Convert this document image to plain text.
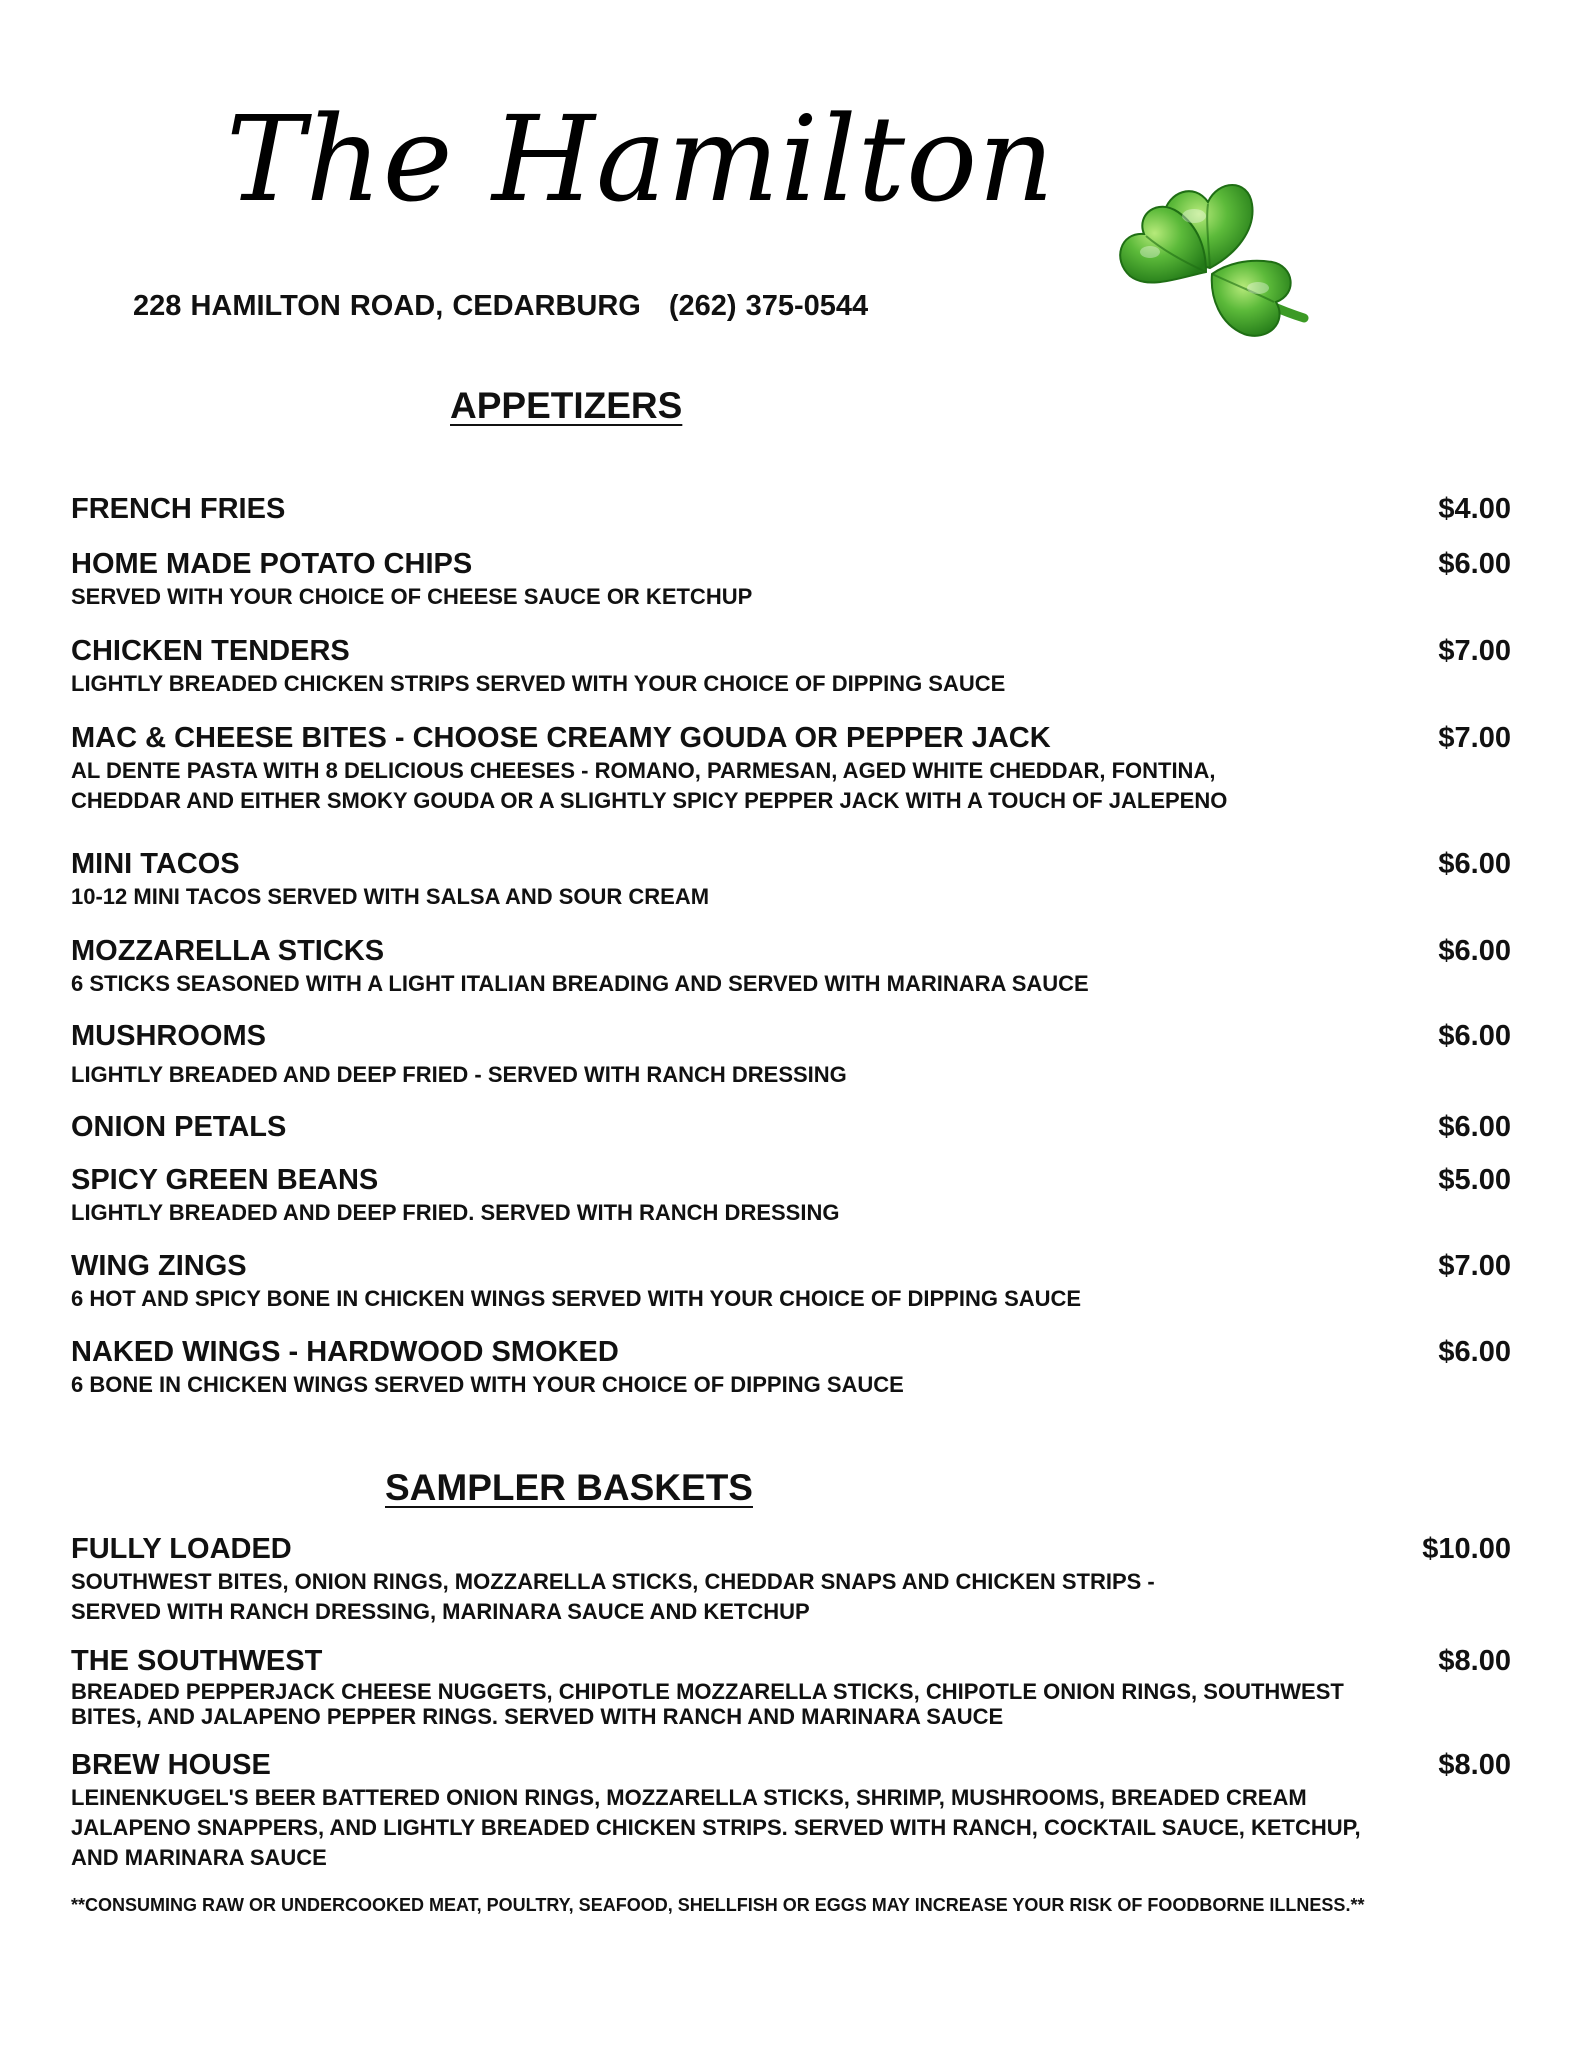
The Hamilton
228 HAMILTON ROAD, CEDARBURG (262) 375-0544
APPETIZERS
FRENCH FRIES	$4.00
HOME MADE POTATO CHIPS
SERVED WITH YOUR CHOICE OF CHEESE SAUCE OR KETCHUP
$6.00
CHICKEN TENDERS
LIGHTLY BREADED CHICKEN STRIPS SERVED WITH YOUR CHOICE OF DIPPING SAUCE
$7.00
MAC & CHEESE BITES - CHOOSE CREAMY GOUDA OR PEPPER JACK
AL DENTE PASTA WITH 8 DELICIOUS CHEESES - ROMANO, PARMESAN, AGED WHITE CHEDDAR, FONTINA,
CHEDDAR AND EITHER SMOKY GOUDA OR A SLIGHTLY SPICY PEPPER JACK WITH A TOUCH OF JALEPENO
$7.00
MINI TACOS
10-12 MINI TACOS SERVED WITH SALSA AND SOUR CREAM
$6.00
MOZZARELLA STICKS
6 STICKS SEASONED WITH A LIGHT ITALIAN BREADING AND SERVED WITH MARINARA SAUCE
$6.00
MUSHROOMS
LIGHTLY BREADED AND DEEP FRIED - SERVED WITH RANCH DRESSING
$6.00
ONION PETALS	$6.00
SPICY GREEN BEANS
LIGHTLY BREADED AND DEEP FRIED. SERVED WITH RANCH DRESSING
$5.00
WING ZINGS
6 HOT AND SPICY BONE IN CHICKEN WINGS SERVED WITH YOUR CHOICE OF DIPPING SAUCE
$7.00
NAKED WINGS - HARDWOOD SMOKED
6 BONE IN CHICKEN WINGS SERVED WITH YOUR CHOICE OF DIPPING SAUCE
$6.00
SAMPLER BASKETS
FULLY LOADED
SOUTHWEST BITES, ONION RINGS, MOZZARELLA STICKS, CHEDDAR SNAPS AND CHICKEN STRIPS -
SERVED WITH RANCH DRESSING, MARINARA SAUCE AND KETCHUP
$10.00
THE SOUTHWEST
BREADED PEPPERJACK CHEESE NUGGETS, CHIPOTLE MOZZARELLA STICKS, CHIPOTLE ONION RINGS, SOUTHWEST
BITES, AND JALAPENO PEPPER RINGS. SERVED WITH RANCH AND MARINARA SAUCE
$8.00
BREW HOUSE
LEINENKUGEL'S BEER BATTERED ONION RINGS, MOZZARELLA STICKS, SHRIMP, MUSHROOMS, BREADED CREAM
JALAPENO SNAPPERS, AND LIGHTLY BREADED CHICKEN STRIPS. SERVED WITH RANCH, COCKTAIL SAUCE, KETCHUP,
AND MARINARA SAUCE
$8.00
**CONSUMING RAW OR UNDERCOOKED MEAT, POULTRY, SEAFOOD, SHELLFISH OR EGGS MAY INCREASE YOUR RISK OF FOODBORNE ILLNESS.**
